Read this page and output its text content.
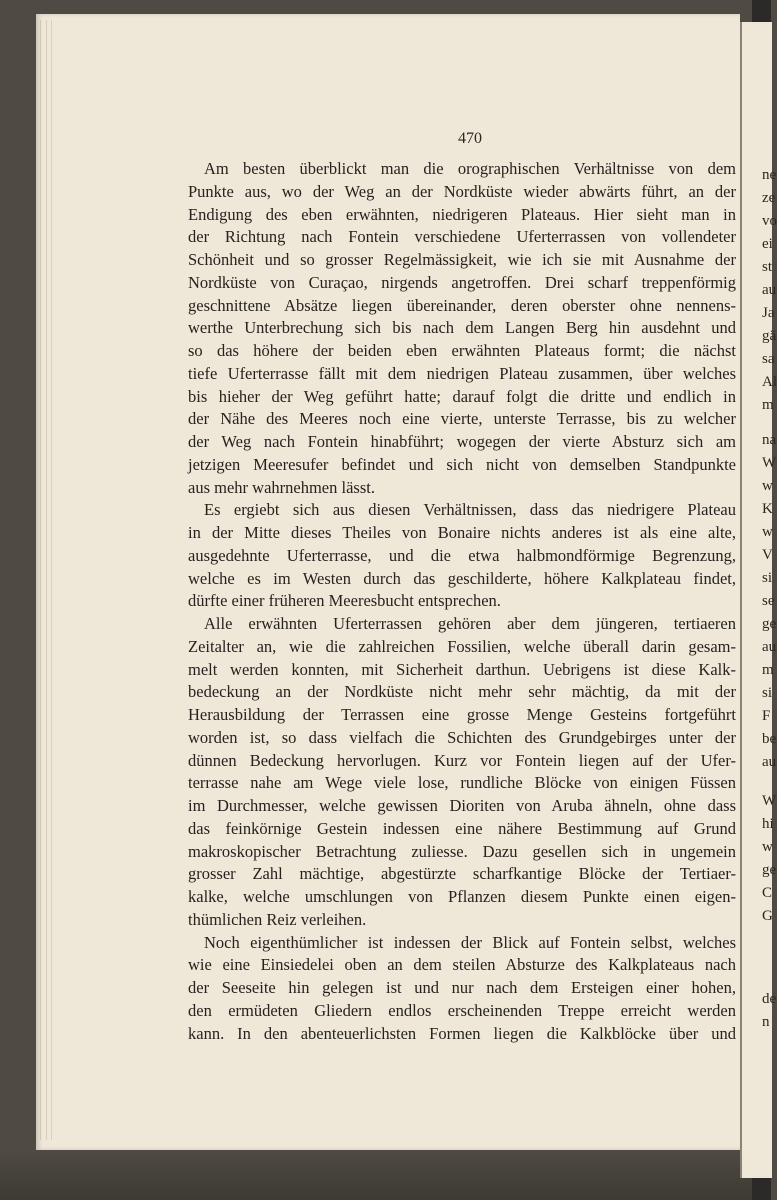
ne
ze
vo
ei
st
au
Ja
gä
sa
Al
m
na
W
w
K
w
V
si
se
ge
au
m
si
F
be
au
W
hi
w
ge
C
G
de
n
470
Am besten überblickt man die orographischen Verhältnisse von dem
Punkte aus, wo der Weg an der Nordküste wieder abwärts führt, an der
Endigung des eben erwähnten, niedrigeren Plateaus. Hier sieht man in
der Richtung nach Fontein verschiedene Uferterrassen von vollendeter
Schönheit und so grosser Regelmässigkeit, wie ich sie mit Ausnahme der
Nordküste von Curaçao, nirgends angetroffen. Drei scharf treppenförmig
geschnittene Absätze liegen übereinander, deren oberster ohne nennens-
werthe Unterbrechung sich bis nach dem Langen Berg hin ausdehnt und
so das höhere der beiden eben erwähnten Plateaus formt; die nächst
tiefe Uferterrasse fällt mit dem niedrigen Plateau zusammen, über welches
bis hieher der Weg geführt hatte; darauf folgt die dritte und endlich in
der Nähe des Meeres noch eine vierte, unterste Terrasse, bis zu welcher
der Weg nach Fontein hinabführt; wogegen der vierte Absturz sich am
jetzigen Meeresufer befindet und sich nicht von demselben Standpunkte
aus mehr wahrnehmen lässt.
Es ergiebt sich aus diesen Verhältnissen, dass das niedrigere Plateau
in der Mitte dieses Theiles von Bonaire nichts anderes ist als eine alte,
ausgedehnte Uferterrasse, und die etwa halbmondförmige Begrenzung,
welche es im Westen durch das geschilderte, höhere Kalkplateau findet,
dürfte einer früheren Meeresbucht entsprechen.
Alle erwähnten Uferterrassen gehören aber dem jüngeren, tertiaeren
Zeitalter an, wie die zahlreichen Fossilien, welche überall darin gesam-
melt werden konnten, mit Sicherheit darthun. Uebrigens ist diese Kalk-
bedeckung an der Nordküste nicht mehr sehr mächtig, da mit der
Herausbildung der Terrassen eine grosse Menge Gesteins fortgeführt
worden ist, so dass vielfach die Schichten des Grundgebirges unter der
dünnen Bedeckung hervorlugen. Kurz vor Fontein liegen auf der Ufer-
terrasse nahe am Wege viele lose, rundliche Blöcke von einigen Füssen
im Durchmesser, welche gewissen Dioriten von Aruba ähneln, ohne dass
das feinkörnige Gestein indessen eine nähere Bestimmung auf Grund
makroskopischer Betrachtung zuliesse. Dazu gesellen sich in ungemein
grosser Zahl mächtige, abgestürzte scharfkantige Blöcke der Tertiaer-
kalke, welche umschlungen von Pflanzen diesem Punkte einen eigen-
thümlichen Reiz verleihen.
Noch eigenthümlicher ist indessen der Blick auf Fontein selbst, welches
wie eine Einsiedelei oben an dem steilen Absturze des Kalkplateaus nach
der Seeseite hin gelegen ist und nur nach dem Ersteigen einer hohen,
den ermüdeten Gliedern endlos erscheinenden Treppe erreicht werden
kann. In den abenteuerlichsten Formen liegen die Kalkblöcke über und
